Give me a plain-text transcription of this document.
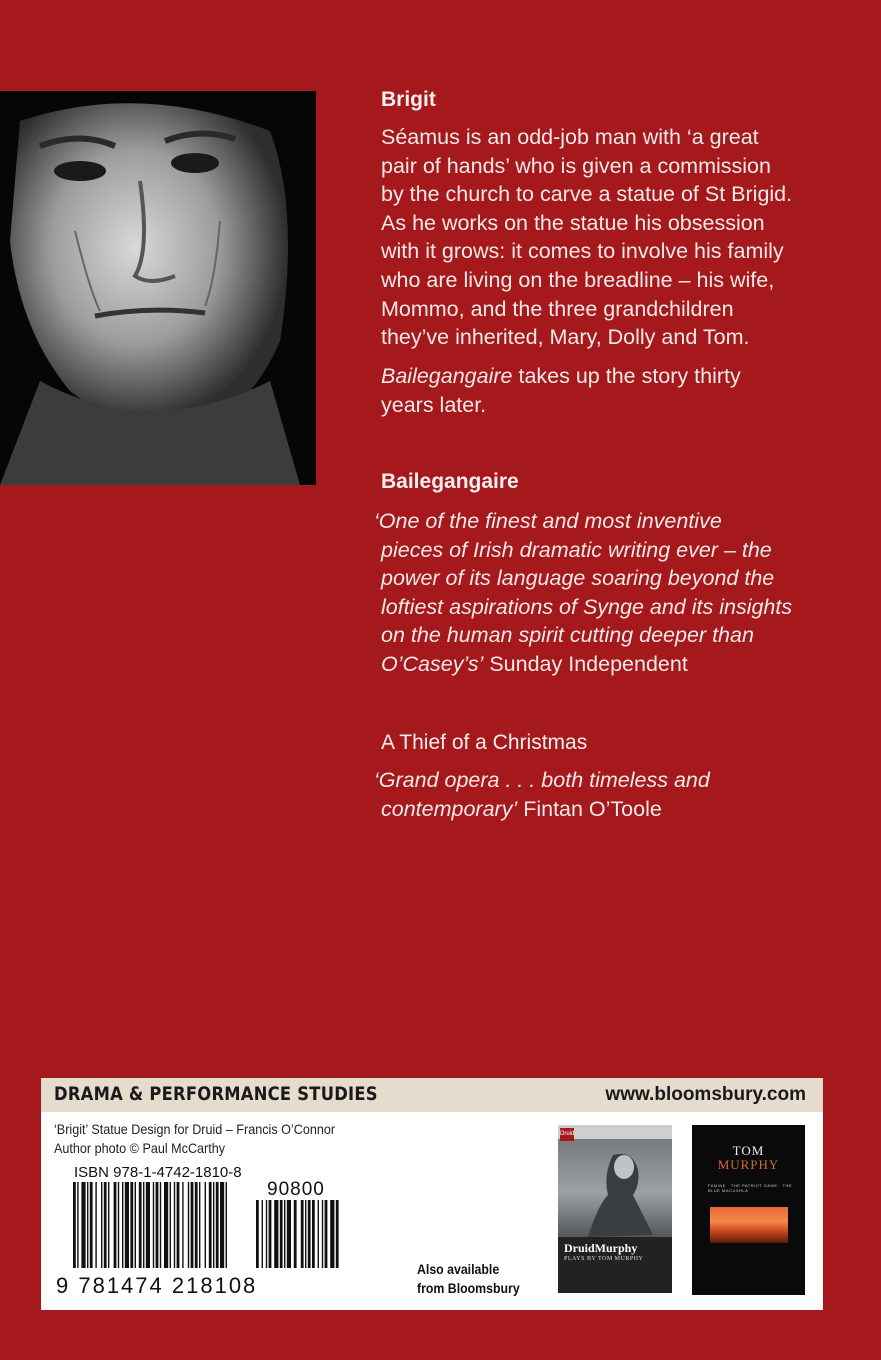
Brigit

Séamus is an odd-job man with ‘a great

pair of hands’ who is given a commission

by the church to carve a statue of St Brigid.

As he works on the statue his obsession

with it grows: it comes to involve his family

who are living on the breadline – his wife,

Mommo, and the three grandchildren

they’ve inherited, Mary, Dolly and Tom.

Bailegangaire takes up the story thirty

years later.

Bailegangaire

‘One of the finest and most inventive

pieces of Irish dramatic writing ever – the

power of its language soaring beyond the

loftiest aspirations of Synge and its insights

on the human spirit cutting deeper than

O’Casey’s’ Sunday Independent

A Thief of a Christmas

‘Grand opera . . . both timeless and

contemporary’ Fintan O’Toole

DRAMA & PERFORMANCE STUDIES	www.bloomsbury.com
‘Brigit’ Statue Design for Druid – Francis O’Connor
Author photo © Paul McCarthy
ISBN 978-1-4742-1810-8
90800
9 781474 218108
Also available
from Bloomsbury
Druid
DruidMurphy
PLAYS BY TOM MURPHY
TOM
MURPHY
FAMINE · THE PATRIOT GAME · THE BLUE MACUSHLA
